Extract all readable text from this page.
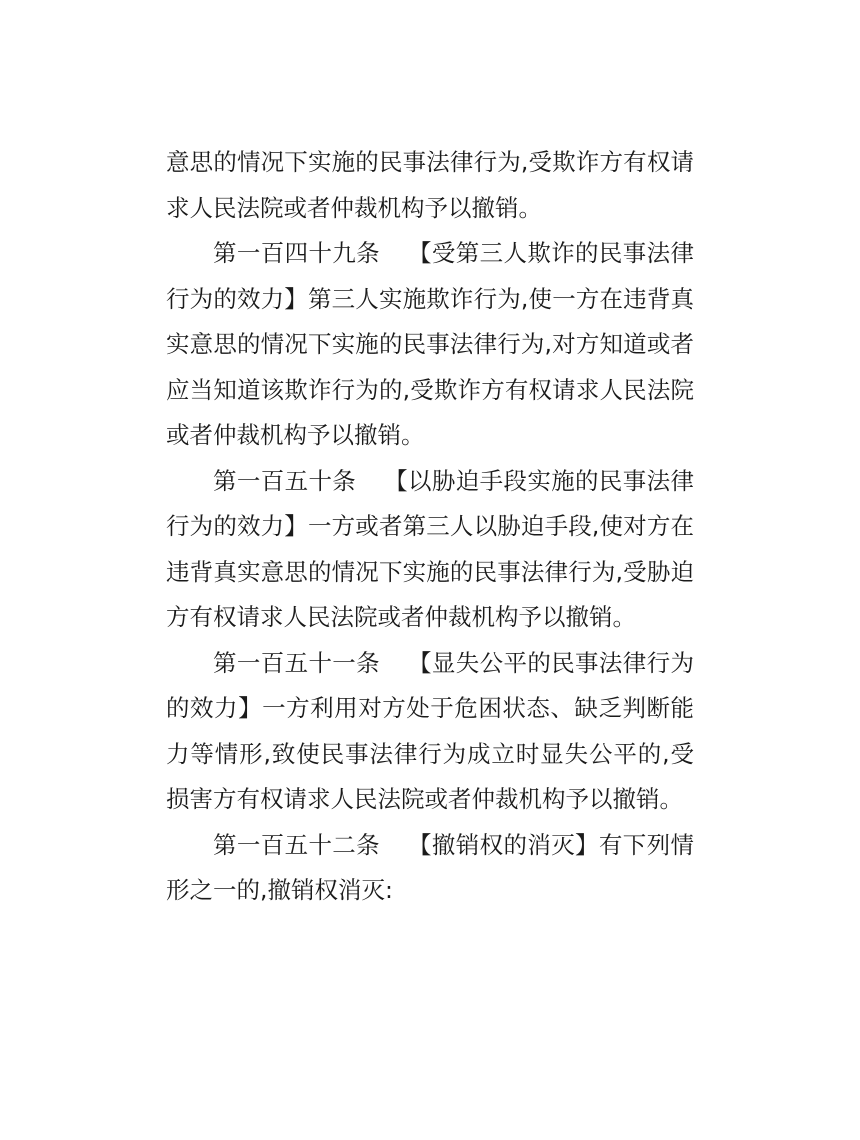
意思的情况下实施的民事法律行为,受欺诈方有权请求人民法院或者仲裁机构予以撤销。

第一百四十九条 【受第三人欺诈的民事法律行为的效力】第三人实施欺诈行为,使一方在违背真实意思的情况下实施的民事法律行为,对方知道或者应当知道该欺诈行为的,受欺诈方有权请求人民法院或者仲裁机构予以撤销。

第一百五十条 【以胁迫手段实施的民事法律行为的效力】一方或者第三人以胁迫手段,使对方在违背真实意思的情况下实施的民事法律行为,受胁迫方有权请求人民法院或者仲裁机构予以撤销。

第一百五十一条 【显失公平的民事法律行为的效力】一方利用对方处于危困状态、缺乏判断能力等情形,致使民事法律行为成立时显失公平的,受损害方有权请求人民法院或者仲裁机构予以撤销。

第一百五十二条 【撤销权的消灭】有下列情形之一的,撤销权消灭:
